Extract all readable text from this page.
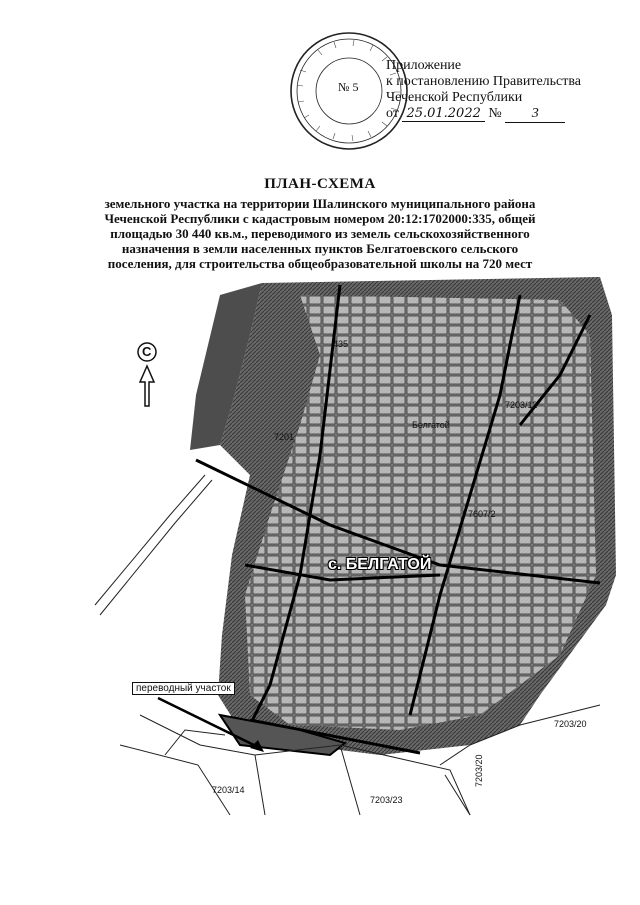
№ 5
Приложение
к постановлению Правительства
Чеченской Республики
от 25.01.2022 № 3
ПЛАН-СХЕМА
земельного участка на территории Шалинского муниципального района
Чеченской Республики с кадастровым номером 20:12:1702000:335, общей
площадью 30 440 кв.м., переводимого из земель сельскохозяйственного
назначения в земли населенных пунктов Белгатоевского сельского
поселения, для строительства общеобразовательной школы на 720 мест
7201
435
7203/12
7607/2
Белгатой
7203/20
7203/14
7203/23
7203/20
с. БЕЛГАТОЙ
переводный участок
С
